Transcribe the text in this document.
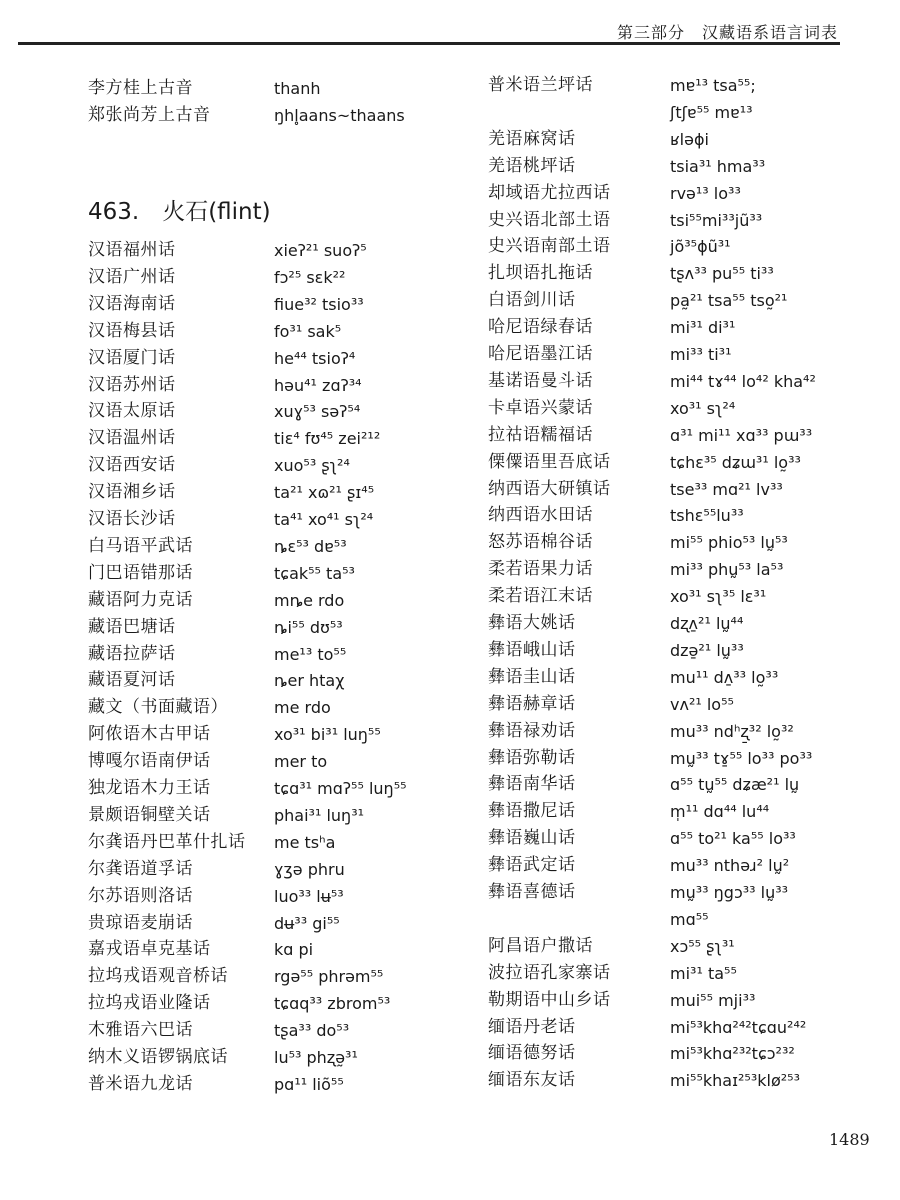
第三部分　汉藏语系语言词表
李方桂上古音	thanh
郑张尚芳上古音	ŋhl̥aans~thaans
463.　火石(flint)
汉语福州话	xieʔ²¹ suoʔ⁵
汉语广州话	fɔ²⁵ sɛk²²
汉语海南话	fiue³² tsio³³
汉语梅县话	fo³¹ sak⁵
汉语厦门话	he⁴⁴ tsioʔ⁴
汉语苏州话	həu⁴¹ zɑʔ³⁴
汉语太原话	xuɣ⁵³ səʔ⁵⁴
汉语温州话	tiɛ⁴ fʊ⁴⁵ zei²¹²
汉语西安话	xuo⁵³ ʂʅ²⁴
汉语湘乡话	ta²¹ xɷ²¹ ʂɪ⁴⁵
汉语长沙话	ta⁴¹ xo⁴¹ sʅ²⁴
白马语平武话	ȵɛ⁵³ dɐ⁵³
门巴语错那话	tɕak⁵⁵ ta⁵³
藏语阿力克话	mȵe rdo
藏语巴塘话	ȵi⁵⁵ dʊ⁵³
藏语拉萨话	me¹³ to⁵⁵
藏语夏河话	ȵer htaχ
藏文（书面藏语）	me rdo
阿侬语木古甲话	xo³¹ bi³¹ luŋ⁵⁵
博嘎尔语南伊话	mer to
独龙语木力王话	tɕɑ³¹ mɑʔ⁵⁵ luŋ⁵⁵
景颇语铜壁关话	phai³¹ luŋ³¹
尔龚语丹巴革什扎话 me tsʰa
尔龚语道孚话	ɣʒə phru
尔苏语则洛话	luo³³ lʉ⁵³
贵琼语麦崩话	dʉ³³ gi⁵⁵
嘉戎语卓克基话	kɑ pi
拉坞戎语观音桥话	rgə⁵⁵ phrəm⁵⁵
拉坞戎语业隆话	tɕɑq³³ zbrom⁵³
木雅语六巴话	tʂa³³ do⁵³
纳木义语锣锅底话	lu⁵³ phʐə̰³¹
普米语九龙话	pɑ¹¹ liõ⁵⁵
普米语兰坪话	mɐ¹³ tsa⁵⁵;
ʃtʃɐ⁵⁵ mɐ¹³
羌语麻窝话	ʁləɸi
羌语桃坪话	tsia³¹ hma³³
却域语尤拉西话	rvə¹³ lo³³
史兴语北部土语	tsi⁵⁵mi³³jũ³³
史兴语南部土语	jõ³⁵ɸũ³¹
扎坝语扎拖话	tʂʌ³³ pu⁵⁵ ti³³
白语剑川话	pa̰²¹ tsa⁵⁵ tso̰²¹
哈尼语绿春话	mi³¹ di³¹
哈尼语墨江话	mi³³ ti³¹
基诺语曼斗话	mi⁴⁴ tɤ⁴⁴ lo⁴² kha⁴²
卡卓语兴蒙话	xo³¹ sʅ²⁴
拉祜语糯福话	ɑ³¹ mi¹¹ xɑ³³ pɯ³³
傈僳语里吾底话	tɕhɛ³⁵ dʑɯ³¹ lo̰³³
纳西语大研镇话	tse³³ mɑ²¹ lv³³
纳西语水田话	tshɛ⁵⁵lu³³
怒苏语棉谷话	mi⁵⁵ phio⁵³ lṵ⁵³
柔若语果力话	mi³³ phṵ⁵³ la⁵³
柔若语江末话	xo³¹ sʅ³⁵ lɛ³¹
彝语大姚话	dʐʌ̱²¹ lṵ⁴⁴
彝语峨山话	dzə̱²¹ lṵ³³
彝语圭山话	mu¹¹ dʌ̱³³ lo̰³³
彝语赫章话	vʌ²¹ lo⁵⁵
彝语禄劝话	mu³³ ndʰʐ̱³² lo̰³²
彝语弥勒话	mṵ³³ tɤ̱⁵⁵ lo³³ po³³
彝语南华话	ɑ⁵⁵ tṵ⁵⁵ dʑæ²¹ lṵ
彝语撒尼话	m̩¹¹ dɑ⁴⁴ lu⁴⁴
彝语巍山话	ɑ⁵⁵ to²¹ ka⁵⁵ lo³³
彝语武定话	mu³³ nthəɹ² lṵ²
彝语喜德话	mṵ³³ ŋgɔ³³ lṵ³³
mɑ⁵⁵
阿昌语户撒话	xɔ⁵⁵ ʂʅ³¹
波拉语孔家寨话	mi³¹ ta⁵⁵
勒期语中山乡话	mui⁵⁵ mji³³
缅语丹老话	mi⁵³khɑ²⁴²tɕɑu²⁴²
缅语德努话	mi⁵³khɑ²³²tɕɔ²³²
缅语东友话	mi⁵⁵khaɪ²⁵³klø²⁵³
1489
